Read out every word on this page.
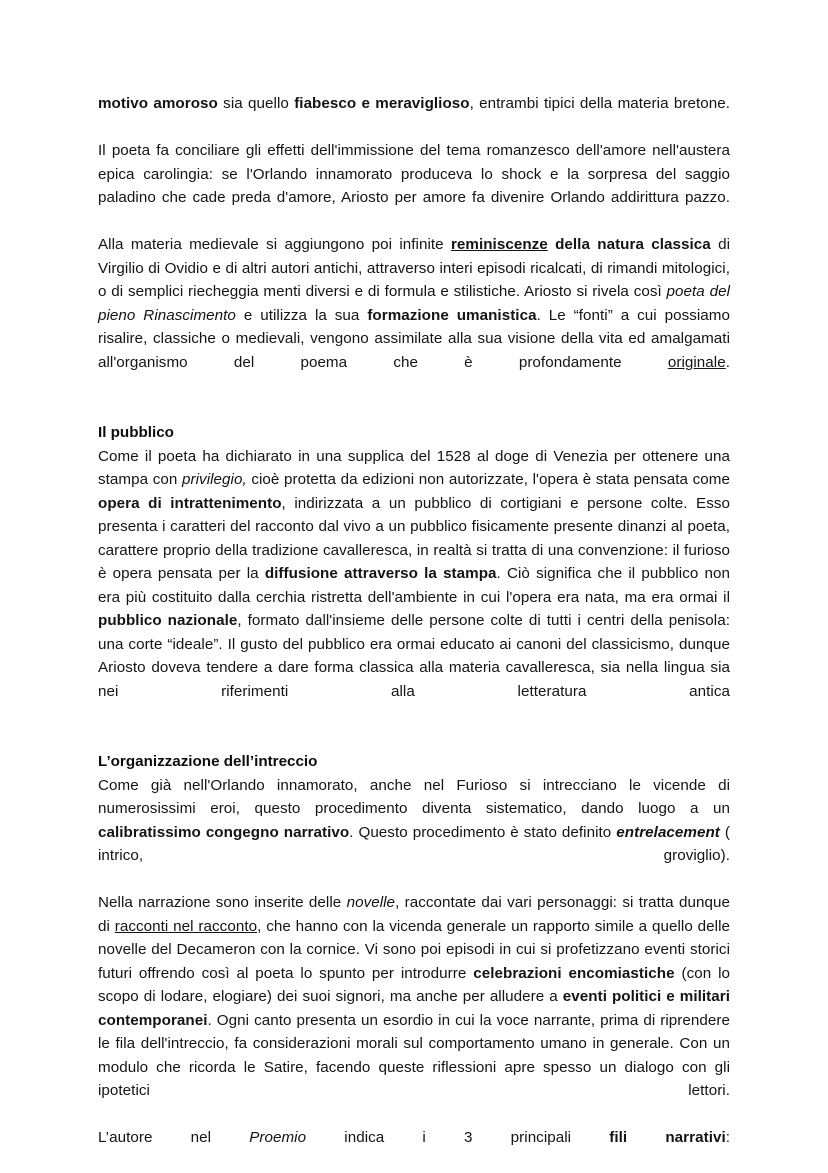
motivo amoroso sia quello fiabesco e meraviglioso, entrambi tipici della materia bretone.

Il poeta fa conciliare gli effetti dell'immissione del tema romanzesco dell'amore nell'austera epica carolingia: se l'Orlando innamorato produceva lo shock e la sorpresa del saggio paladino che cade preda d'amore, Ariosto per amore fa divenire Orlando addirittura pazzo.

Alla materia medievale si aggiungono poi infinite reminiscenze della natura classica di Virgilio di Ovidio e di altri autori antichi, attraverso interi episodi ricalcati, di rimandi mitologici, o di semplici riecheggia menti diversi e di formula e stilistiche. Ariosto si rivela così poeta del pieno Rinascimento e utilizza la sua formazione umanistica. Le “fonti” a cui possiamo risalire, classiche o medievali, vengono assimilate alla sua visione della vita ed amalgamati all'organismo del poema che è profondamente originale.

Il pubblico

Come il poeta ha dichiarato in una supplica del 1528 al doge di Venezia per ottenere una stampa con privilegio, cioè protetta da edizioni non autorizzate, l'opera è stata pensata come opera di intrattenimento, indirizzata a un pubblico di cortigiani e persone colte. Esso presenta i caratteri del racconto dal vivo a un pubblico fisicamente presente dinanzi al poeta, carattere proprio della tradizione cavalleresca, in realtà si tratta di una convenzione: il furioso è opera pensata per la diffusione attraverso la stampa. Ciò significa che il pubblico non era più costituito dalla cerchia ristretta dell'ambiente in cui l'opera era nata, ma era ormai il pubblico nazionale, formato dall'insieme delle persone colte di tutti i centri della penisola: una corte “ideale”. Il gusto del pubblico era ormai educato ai canoni del classicismo, dunque Ariosto doveva tendere a dare forma classica alla materia cavalleresca, sia nella lingua sia nei riferimenti alla letteratura antica

L’organizzazione dell’intreccio

Come già nell'Orlando innamorato, anche nel Furioso si intrecciano le vicende di numerosissimi eroi, questo procedimento diventa sistematico, dando luogo a un calibratissimo congegno narrativo. Questo procedimento è stato definito entrelacement ( intrico, groviglio).

Nella narrazione sono inserite delle novelle, raccontate dai vari personaggi: si tratta dunque di racconti nel racconto, che hanno con la vicenda generale un rapporto simile a quello delle novelle del Decameron con la cornice. Vi sono poi episodi in cui si profetizzano eventi storici futuri offrendo così al poeta lo spunto per introdurre celebrazioni encomiastiche (con lo scopo di lodare, elogiare) dei suoi signori, ma anche per alludere a eventi politici e militari contemporanei. Ogni canto presenta un esordio in cui la voce narrante, prima di riprendere le fila dell'intreccio, fa considerazioni morali sul comportamento umano in generale. Con un modulo che ricorda le Satire, facendo queste riflessioni apre spesso un dialogo con gli ipotetici lettori.

L’autore nel Proemio indica i 3 principali fili narrativi:
